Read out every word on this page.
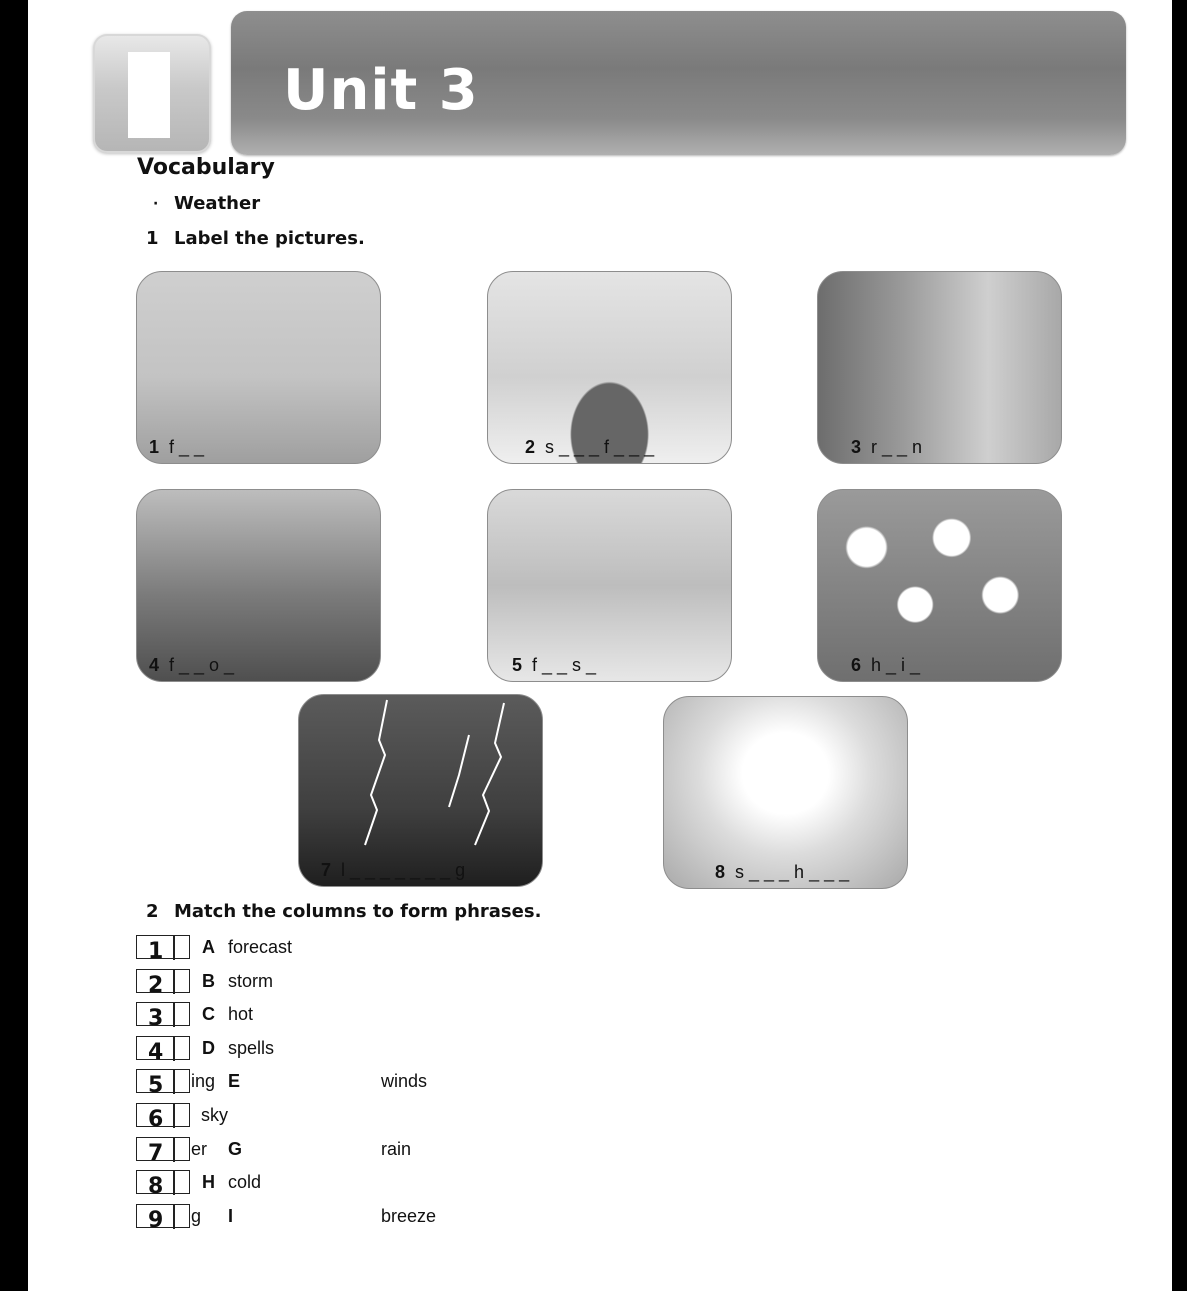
Unit 3
Vocabulary
· Weather
1 Label the pictures.
1 f _ _	2 s _ _ _ f _ _ _	3 r _ _ n
4 f _ _ o _	5 f _ _ s _	6 h _ i _
7 l _ _ _ _ _ _ _ g	8 s _ _ _ h _ _ _
2 Match the columns to form phrases.
1 A forecast
2 B storm
3 C hot
4 D spells
5 ing E	winds
6 sky
7 er G	rain
8 H cold
9 g I	breeze
